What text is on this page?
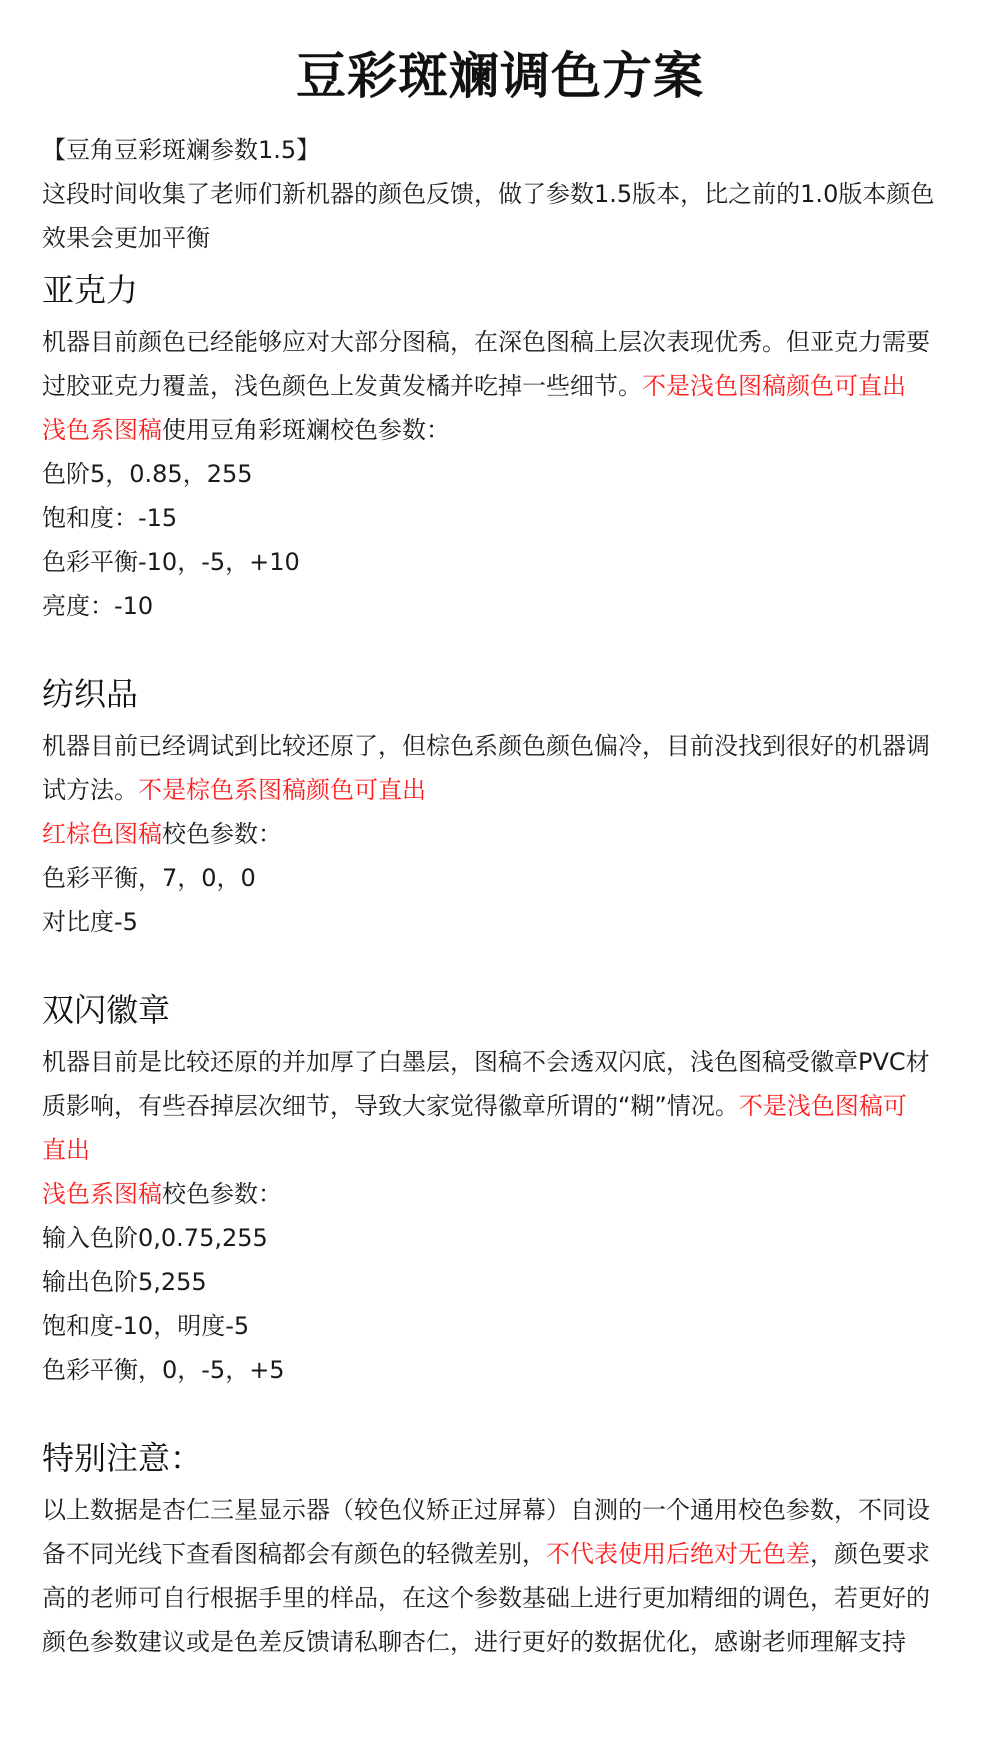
豆彩斑斓调色方案

【豆角豆彩斑斓参数1.5】

这段时间收集了老师们新机器的颜色反馈，做了参数1.5版本，比之前的1.0版本颜色

效果会更加平衡

亚克力

机器目前颜色已经能够应对大部分图稿，在深色图稿上层次表现优秀。但亚克力需要

过胶亚克力覆盖，浅色颜色上发黄发橘并吃掉一些细节。不是浅色图稿颜色可直出

浅色系图稿使用豆角彩斑斓校色参数：

色阶5，0.85，255

饱和度：-15

色彩平衡-10，-5，+10

亮度：-10

纺织品

机器目前已经调试到比较还原了，但棕色系颜色颜色偏冷，目前没找到很好的机器调

试方法。不是棕色系图稿颜色可直出

红棕色图稿校色参数：

色彩平衡，7，0，0

对比度-5

双闪徽章

机器目前是比较还原的并加厚了白墨层，图稿不会透双闪底，浅色图稿受徽章PVC材

质影响，有些吞掉层次细节，导致大家觉得徽章所谓的“糊”情况。不是浅色图稿可

直出

浅色系图稿校色参数：

输入色阶0,0.75,255

输出色阶5,255

饱和度-10，明度-5

色彩平衡，0，-5，+5

特别注意：

以上数据是杏仁三星显示器（较色仪矫正过屏幕）自测的一个通用校色参数，不同设

备不同光线下查看图稿都会有颜色的轻微差别，不代表使用后绝对无色差，颜色要求

高的老师可自行根据手里的样品，在这个参数基础上进行更加精细的调色，若更好的

颜色参数建议或是色差反馈请私聊杏仁，进行更好的数据优化，感谢老师理解支持
